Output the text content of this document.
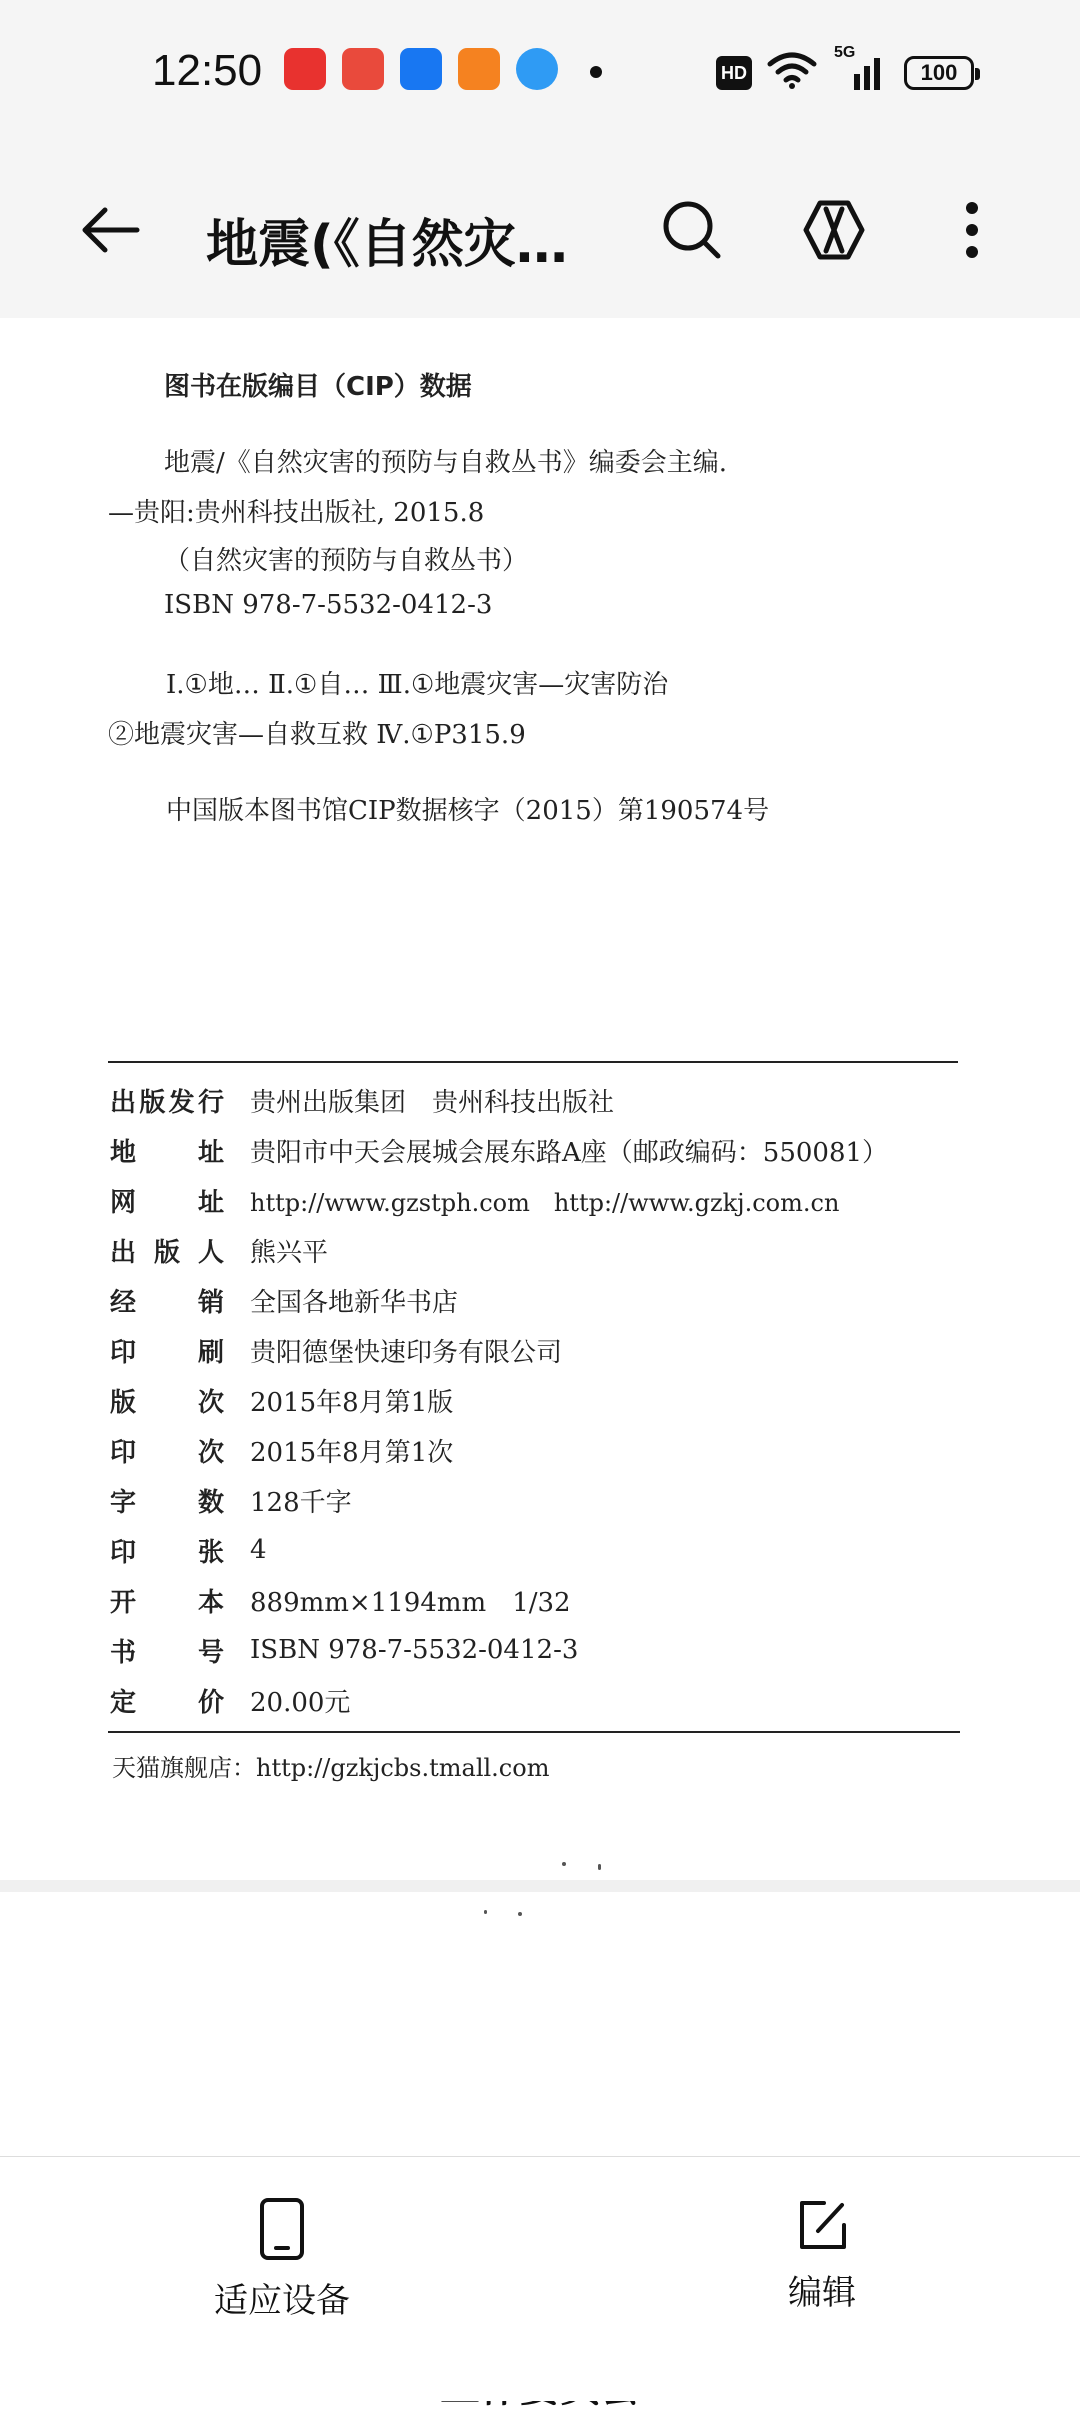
12:50	HD
5G
100
地震(《自然灾…
图书在版编目（CIP）数据
地震/《自然灾害的预防与自救丛书》编委会主编.
—贵阳:贵州科技出版社, 2015.8
（自然灾害的预防与自救丛书）
ISBN 978-7-5532-0412-3
Ⅰ.①地… Ⅱ.①自… Ⅲ.①地震灾害—灾害防治
②地震灾害—自救互救 Ⅳ.①P315.9
中国版本图书馆CIP数据核字（2015）第190574号
出版发行 贵州出版集团　贵州科技出版社
地址 贵阳市中天会展城会展东路A座（邮政编码：550081）
网址 http://www.gzstph.com　http://www.gzkj.com.cn
出版人 熊兴平
经销 全国各地新华书店
印刷 贵阳德堡快速印务有限公司
版次 2015年8月第1版
印次 2015年8月第1次
字数 128千字
印张 4
开本 889mm×1194mm　1/32
书号 ISBN 978-7-5532-0412-3
定价 20.00元
天猫旗舰店：http://gzkjcbs.tmall.com
适应设备	编辑
